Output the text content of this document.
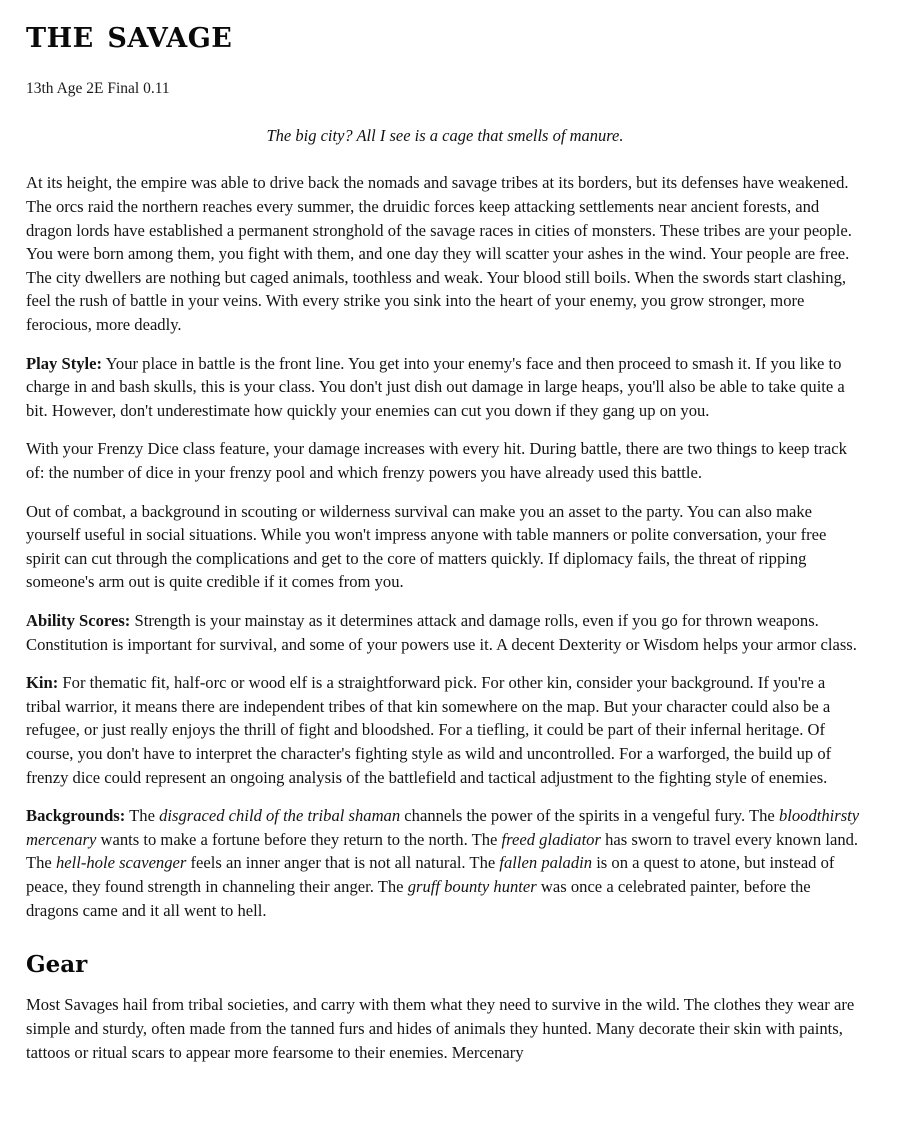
the savage

13th Age 2E Final 0.11

The big city? All I see is a cage that smells of manure.

At its height, the empire was able to drive back the nomads and savage tribes at its borders, but its defenses have weakened. The orcs raid the northern reaches every summer, the druidic forces keep attacking settlements near ancient forests, and dragon lords have established a permanent stronghold of the savage races in cities of monsters. These tribes are your people. You were born among them, you fight with them, and one day they will scatter your ashes in the wind. Your people are free. The city dwellers are nothing but caged animals, toothless and weak. Your blood still boils. When the swords start clashing, feel the rush of battle in your veins. With every strike you sink into the heart of your enemy, you grow stronger, more ferocious, more deadly.

Play Style: Your place in battle is the front line. You get into your enemy's face and then proceed to smash it. If you like to charge in and bash skulls, this is your class. You don't just dish out damage in large heaps, you'll also be able to take quite a bit. However, don't underestimate how quickly your enemies can cut you down if they gang up on you.

With your Frenzy Dice class feature, your damage increases with every hit. During battle, there are two things to keep track of: the number of dice in your frenzy pool and which frenzy powers you have already used this battle.

Out of combat, a background in scouting or wilderness survival can make you an asset to the party. You can also make yourself useful in social situations. While you won't impress anyone with table manners or polite conversation, your free spirit can cut through the complications and get to the core of matters quickly. If diplomacy fails, the threat of ripping someone's arm out is quite credible if it comes from you.

Ability Scores: Strength is your mainstay as it determines attack and damage rolls, even if you go for thrown weapons. Constitution is important for survival, and some of your powers use it. A decent Dexterity or Wisdom helps your armor class.

Kin: For thematic fit, half-orc or wood elf is a straightforward pick. For other kin, consider your background. If you're a tribal warrior, it means there are independent tribes of that kin somewhere on the map. But your character could also be a refugee, or just really enjoys the thrill of fight and bloodshed. For a tiefling, it could be part of their infernal heritage. Of course, you don't have to interpret the character's fighting style as wild and uncontrolled. For a warforged, the build up of frenzy dice could represent an ongoing analysis of the battlefield and tactical adjustment to the fighting style of enemies.

Backgrounds: The disgraced child of the tribal shaman channels the power of the spirits in a vengeful fury. The bloodthirsty mercenary wants to make a fortune before they return to the north. The freed gladiator has sworn to travel every known land. The hell-hole scavenger feels an inner anger that is not all natural. The fallen paladin is on a quest to atone, but instead of peace, they found strength in channeling their anger. The gruff bounty hunter was once a celebrated painter, before the dragons came and it all went to hell.

Gear

Most Savages hail from tribal societies, and carry with them what they need to survive in the wild. The clothes they wear are simple and sturdy, often made from the tanned furs and hides of animals they hunted. Many decorate their skin with paints, tattoos or ritual scars to appear more fearsome to their enemies. Mercenary
